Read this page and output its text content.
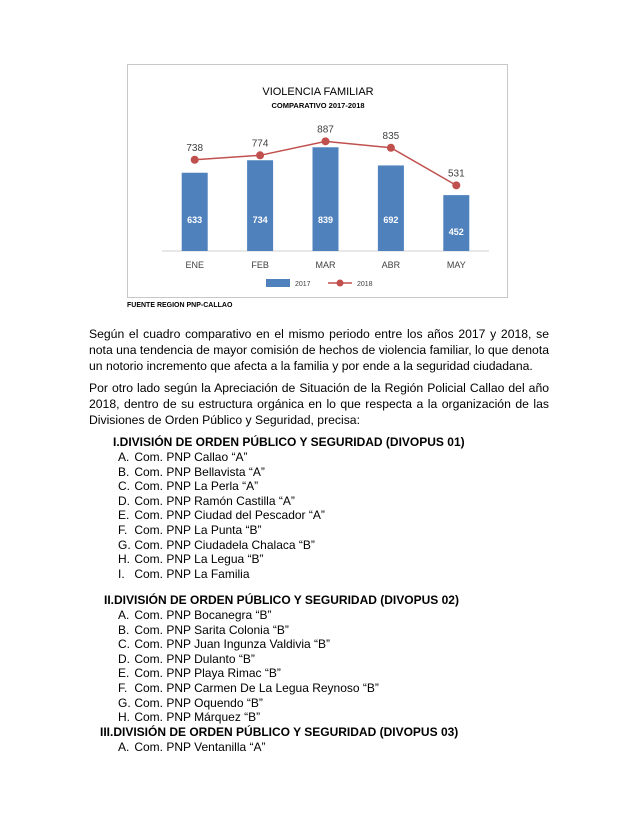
VIOLENCIA FAMILIAR
COMPARATIVO 2017-2018
633	734	839	692
452
738	774
887
835
531
ENE	FEB	MAR	ABR	MAY
2017	2018
FUENTE REGION PNP-CALLAO

Según el cuadro comparativo en el mismo periodo entre los años 2017 y 2018, se nota una tendencia de mayor comisión de hechos de violencia familiar, lo que denota un notorio incremento que afecta a la familia y por ende a la seguridad ciudadana.

Por otro lado según la Apreciación de Situación de la Región Policial Callao del año 2018, dentro de su estructura orgánica en lo que respecta a la organización de las Divisiones de Orden Público y Seguridad, precisa:

I.DIVISIÓN DE ORDEN PÚBLICO Y SEGURIDAD (DIVOPUS 01)
A. Com. PNP Callao “A”
B. Com. PNP Bellavista “A”
C. Com. PNP La Perla “A”
D. Com. PNP Ramón Castilla “A”
E. Com. PNP Ciudad del Pescador “A”
F. Com. PNP La Punta “B”
G. Com. PNP Ciudadela Chalaca “B”
H. Com. PNP La Legua “B”
I. Com. PNP La Familia
II.DIVISIÓN DE ORDEN PÚBLICO Y SEGURIDAD (DIVOPUS 02)
A. Com. PNP Bocanegra “B”
B. Com. PNP Sarita Colonia “B”
C. Com. PNP Juan Ingunza Valdivia “B”
D. Com. PNP Dulanto “B”
E. Com. PNP Playa Rimac “B”
F. Com. PNP Carmen De La Legua Reynoso “B”
G. Com. PNP Oquendo “B”
H. Com. PNP Márquez “B”
III.DIVISIÓN DE ORDEN PÚBLICO Y SEGURIDAD (DIVOPUS 03)
A. Com. PNP Ventanilla “A”
